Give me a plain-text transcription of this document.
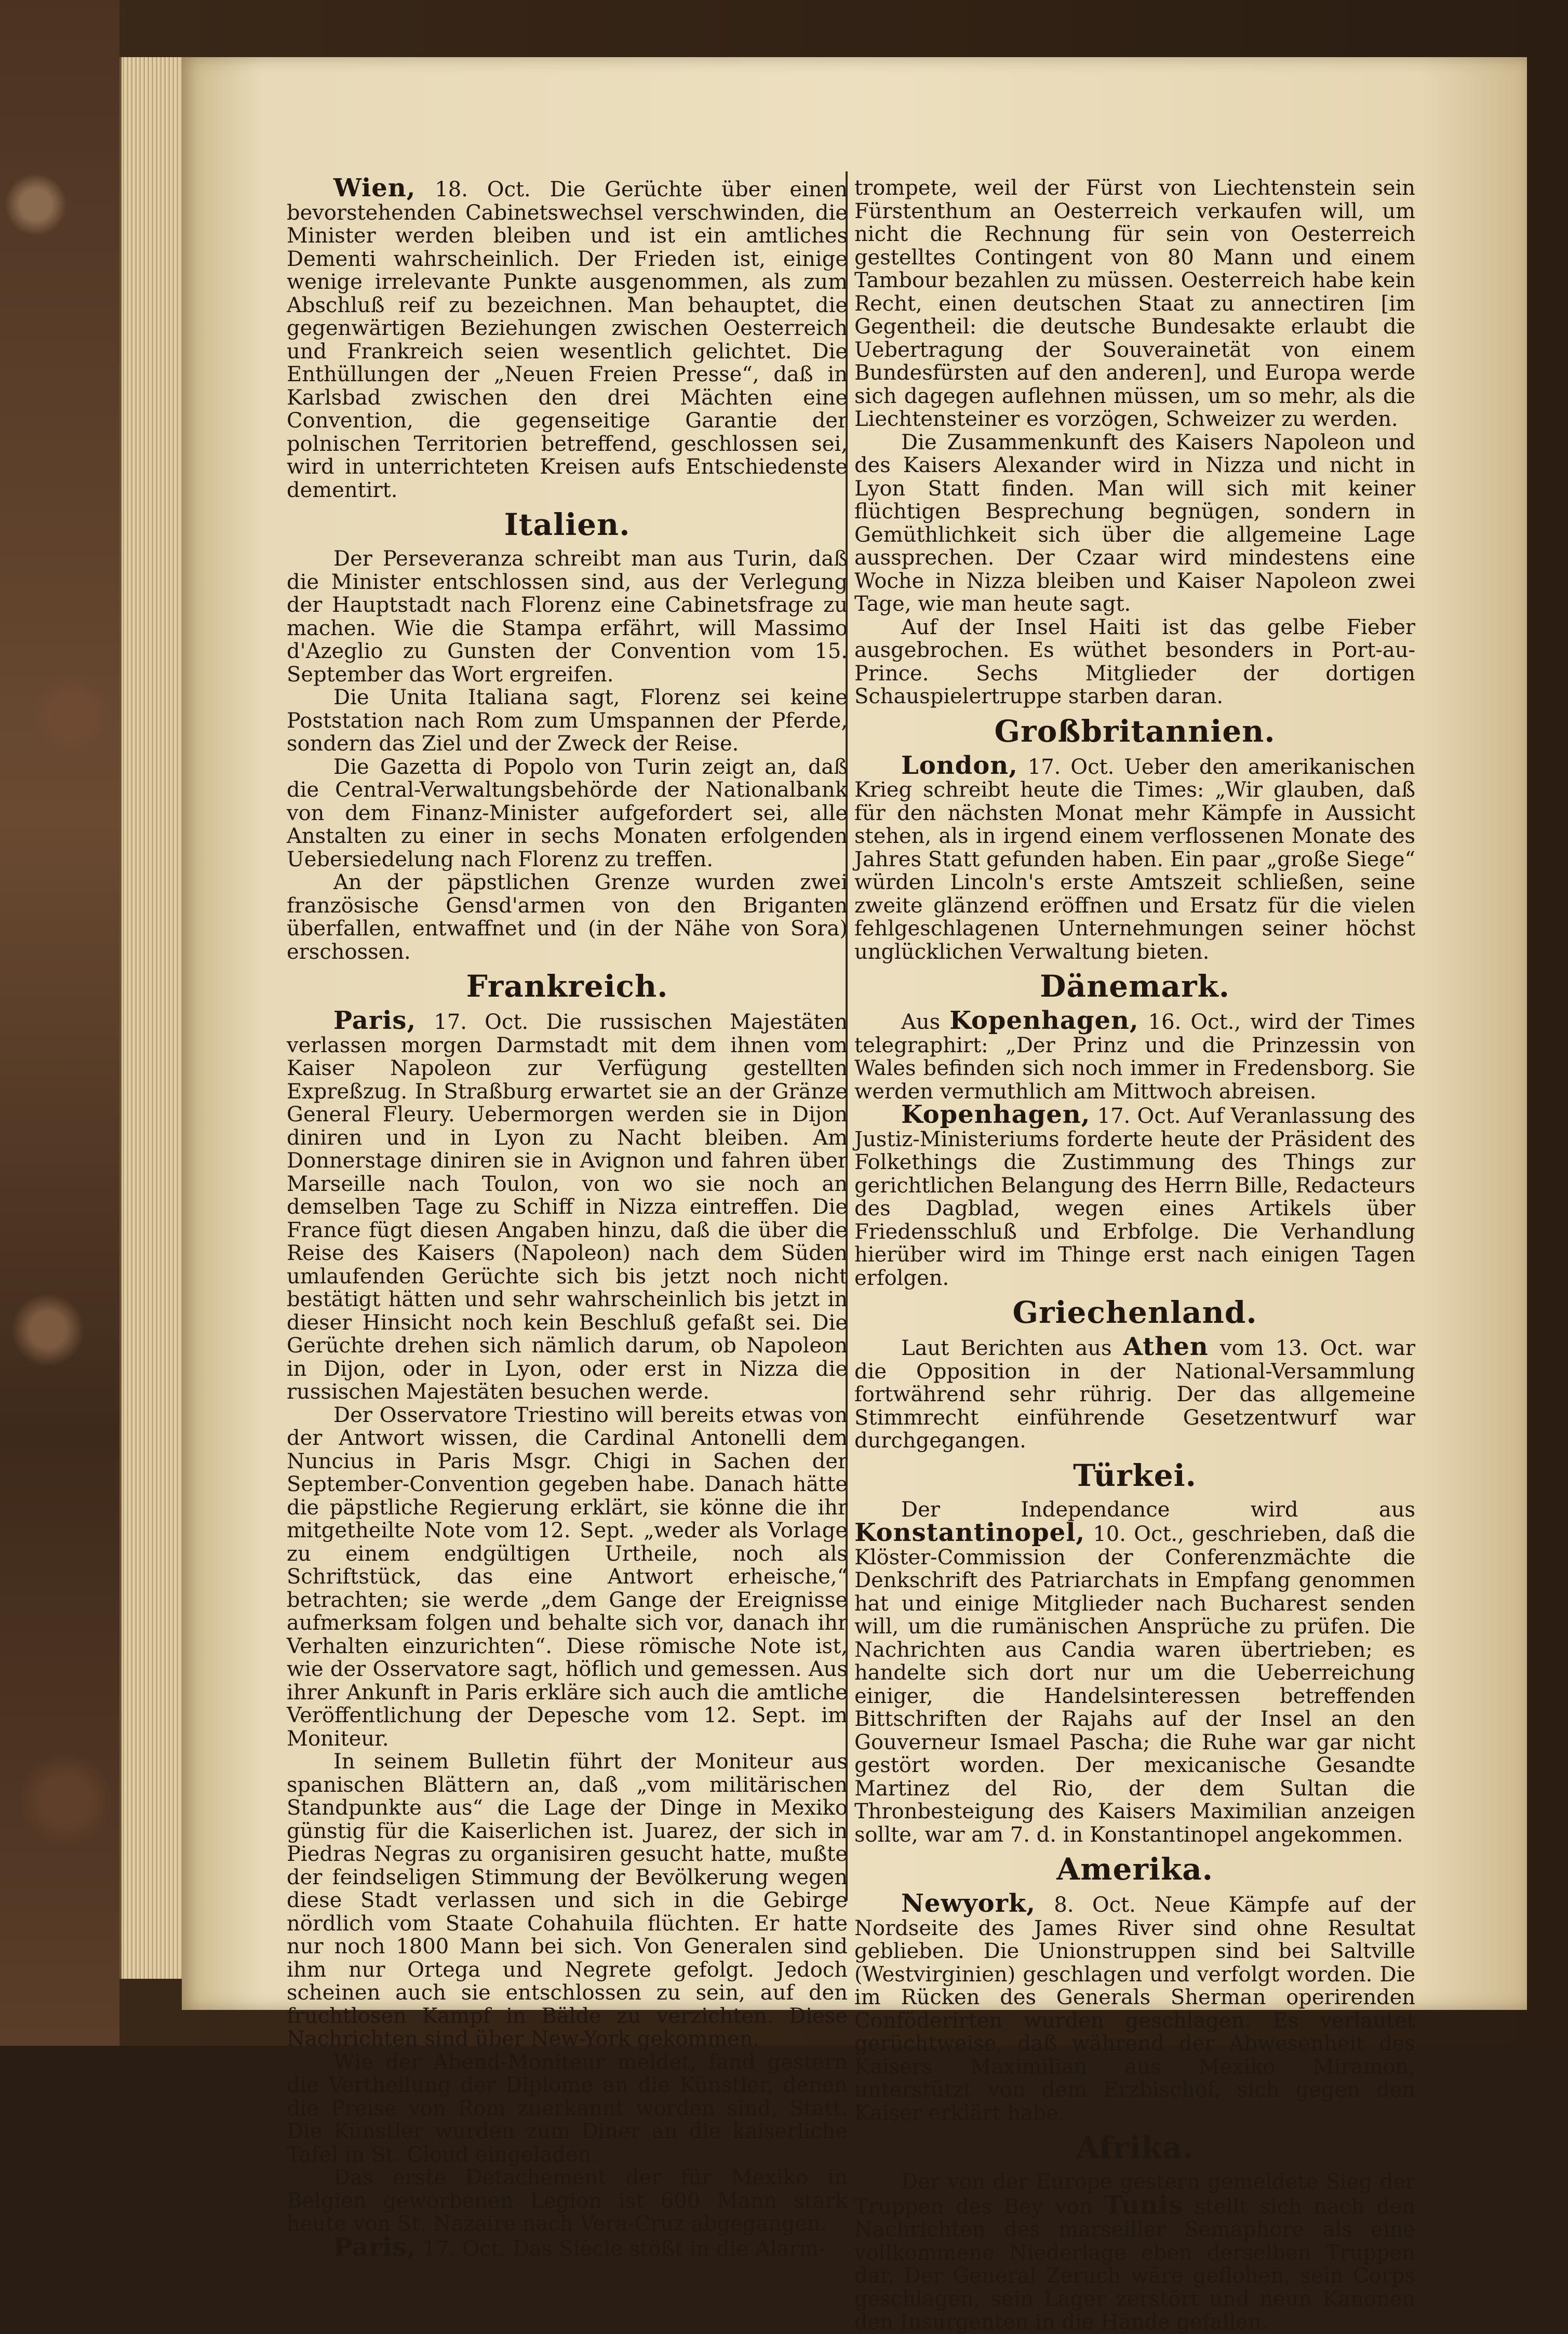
Wien, 18. Oct. Die Gerüchte über einen bevorstehenden Cabinetswechsel verschwinden, die Minister werden bleiben und ist ein amtliches Dementi wahrscheinlich. Der Frieden ist, einige wenige irrelevante Punkte ausgenommen, als zum Abschluß reif zu bezeichnen. Man behauptet, die gegenwärtigen Beziehungen zwischen Oesterreich und Frankreich seien wesentlich gelichtet. Die Enthüllungen der „Neuen Freien Presse“, daß in Karlsbad zwischen den drei Mächten eine Convention, die gegenseitige Garantie der polnischen Territorien betreffend, geschlossen sei, wird in unterrichteten Kreisen aufs Entschiedenste dementirt.

Italien.

Der Perseveranza schreibt man aus Turin, daß die Minister entschlossen sind, aus der Verlegung der Hauptstadt nach Florenz eine Cabinetsfrage zu machen. Wie die Stampa erfährt, will Massimo d'Azeglio zu Gunsten der Convention vom 15. September das Wort ergreifen.

Die Unita Italiana sagt, Florenz sei keine Poststation nach Rom zum Umspannen der Pferde, sondern das Ziel und der Zweck der Reise.

Die Gazetta di Popolo von Turin zeigt an, daß die Central-Verwaltungsbehörde der Nationalbank von dem Finanz-Minister aufgefordert sei, alle Anstalten zu einer in sechs Monaten erfolgenden Uebersiedelung nach Florenz zu treffen.

An der päpstlichen Grenze wurden zwei französische Gensd'armen von den Briganten überfallen, entwaffnet und (in der Nähe von Sora) erschossen.

Frankreich.

Paris, 17. Oct. Die russischen Majestäten verlassen morgen Darmstadt mit dem ihnen vom Kaiser Napoleon zur Verfügung gestellten Expreßzug. In Straßburg erwartet sie an der Gränze General Fleury. Uebermorgen werden sie in Dijon diniren und in Lyon zu Nacht bleiben. Am Donnerstage diniren sie in Avignon und fahren über Marseille nach Toulon, von wo sie noch an demselben Tage zu Schiff in Nizza eintreffen. Die France fügt diesen Angaben hinzu, daß die über die Reise des Kaisers (Napoleon) nach dem Süden umlaufenden Gerüchte sich bis jetzt noch nicht bestätigt hätten und sehr wahrscheinlich bis jetzt in dieser Hinsicht noch kein Beschluß gefaßt sei. Die Gerüchte drehen sich nämlich darum, ob Napoleon in Dijon, oder in Lyon, oder erst in Nizza die russischen Majestäten besuchen werde.

Der Osservatore Triestino will bereits etwas von der Antwort wissen, die Cardinal Antonelli dem Nuncius in Paris Msgr. Chigi in Sachen der September-Convention gegeben habe. Danach hätte die päpstliche Regierung erklärt, sie könne die ihr mitgetheilte Note vom 12. Sept. „weder als Vorlage zu einem endgültigen Urtheile, noch als Schriftstück, das eine Antwort erheische,“ betrachten; sie werde „dem Gange der Ereignisse aufmerksam folgen und behalte sich vor, danach ihr Verhalten einzurichten“. Diese römische Note ist, wie der Osservatore sagt, höflich und gemessen. Aus ihrer Ankunft in Paris erkläre sich auch die amtliche Veröffentlichung der Depesche vom 12. Sept. im Moniteur.

In seinem Bulletin führt der Moniteur aus spanischen Blättern an, daß „vom militärischen Standpunkte aus“ die Lage der Dinge in Mexiko günstig für die Kaiserlichen ist. Juarez, der sich in Piedras Negras zu organisiren gesucht hatte, mußte der feindseligen Stimmung der Bevölkerung wegen diese Stadt verlassen und sich in die Gebirge nördlich vom Staate Cohahuila flüchten. Er hatte nur noch 1800 Mann bei sich. Von Generalen sind ihm nur Ortega und Negrete gefolgt. Jedoch scheinen auch sie entschlossen zu sein, auf den fruchtlosen Kampf in Bälde zu verzichten. Diese Nachrichten sind über New-York gekommen.

Wie der Abend-Moniteur meldet, fand gestern die Vertheilung der Diplome an die Künstler, denen die Preise von Rom zuerkannt worden sind, Statt. Die Künstler wurden zum Diner an die kaiserliche Tafel in St. Cloud eingeladen.

Das erste Detachement der für Mexiko in Belgien geworbenen Legion ist 600 Mann stark heute von St. Nazaire nach Vera-Cruz abgegangen.

Paris, 17. Oct. Das Siècle stößt in die Alarm-

trompete, weil der Fürst von Liechtenstein sein Fürstenthum an Oesterreich verkaufen will, um nicht die Rechnung für sein von Oesterreich gestelltes Contingent von 80 Mann und einem Tambour bezahlen zu müssen. Oesterreich habe kein Recht, einen deutschen Staat zu annectiren [im Gegentheil: die deutsche Bundesakte erlaubt die Uebertragung der Souverainetät von einem Bundesfürsten auf den anderen], und Europa werde sich dagegen auflehnen müssen, um so mehr, als die Liechtensteiner es vorzögen, Schweizer zu werden.

Die Zusammenkunft des Kaisers Napoleon und des Kaisers Alexander wird in Nizza und nicht in Lyon Statt finden. Man will sich mit keiner flüchtigen Besprechung begnügen, sondern in Gemüthlichkeit sich über die allgemeine Lage aussprechen. Der Czaar wird mindestens eine Woche in Nizza bleiben und Kaiser Napoleon zwei Tage, wie man heute sagt.

Auf der Insel Haiti ist das gelbe Fieber ausgebrochen. Es wüthet besonders in Port-au-Prince. Sechs Mitglieder der dortigen Schauspielertruppe starben daran.

Großbritannien.

London, 17. Oct. Ueber den amerikanischen Krieg schreibt heute die Times: „Wir glauben, daß für den nächsten Monat mehr Kämpfe in Aussicht stehen, als in irgend einem verflossenen Monate des Jahres Statt gefunden haben. Ein paar „große Siege“ würden Lincoln's erste Amtszeit schließen, seine zweite glänzend eröffnen und Ersatz für die vielen fehlgeschlagenen Unternehmungen seiner höchst unglücklichen Verwaltung bieten.

Dänemark.

Aus Kopenhagen, 16. Oct., wird der Times telegraphirt: „Der Prinz und die Prinzessin von Wales befinden sich noch immer in Fredensborg. Sie werden vermuthlich am Mittwoch abreisen.

Kopenhagen, 17. Oct. Auf Veranlassung des Justiz-Ministeriums forderte heute der Präsident des Folkethings die Zustimmung des Things zur gerichtlichen Belangung des Herrn Bille, Redacteurs des Dagblad, wegen eines Artikels über Friedensschluß und Erbfolge. Die Verhandlung hierüber wird im Thinge erst nach einigen Tagen erfolgen.

Griechenland.

Laut Berichten aus Athen vom 13. Oct. war die Opposition in der National-Versammlung fortwährend sehr rührig. Der das allgemeine Stimmrecht einführende Gesetzentwurf war durchgegangen.

Türkei.

Der Independance wird aus Konstantinopel, 10. Oct., geschrieben, daß die Klöster-Commission der Conferenzmächte die Denkschrift des Patriarchats in Empfang genommen hat und einige Mitglieder nach Bucharest senden will, um die rumänischen Ansprüche zu prüfen. Die Nachrichten aus Candia waren übertrieben; es handelte sich dort nur um die Ueberreichung einiger, die Handelsinteressen betreffenden Bittschriften der Rajahs auf der Insel an den Gouverneur Ismael Pascha; die Ruhe war gar nicht gestört worden. Der mexicanische Gesandte Martinez del Rio, der dem Sultan die Thronbesteigung des Kaisers Maximilian anzeigen sollte, war am 7. d. in Konstantinopel angekommen.

Amerika.

Newyork, 8. Oct. Neue Kämpfe auf der Nordseite des James River sind ohne Resultat geblieben. Die Unionstruppen sind bei Saltville (Westvirginien) geschlagen und verfolgt worden. Die im Rücken des Generals Sherman operirenden Conföderirten wurden geschlagen. Es verlautet gerüchtweise, daß während der Abwesenheit des Kaisers Maximilian aus Mexiko Miramon, unterstützt von dem Erzbischof, sich gegen den Kaiser erklärt habe.

Afrika.

Der von der Europe gestern gemeldete Sieg der Truppen des Bey von Tunis stellt sich nach den Nachrichten des marseiller Semaphore als eine vollkommene Niederlage eben derselben Truppen dar. Der General Zeruch wäre geflohen, sein Corps geschlagen, sein Lager zerstört und neun Kanonen den Insurgenten in die Hände gefallen.
